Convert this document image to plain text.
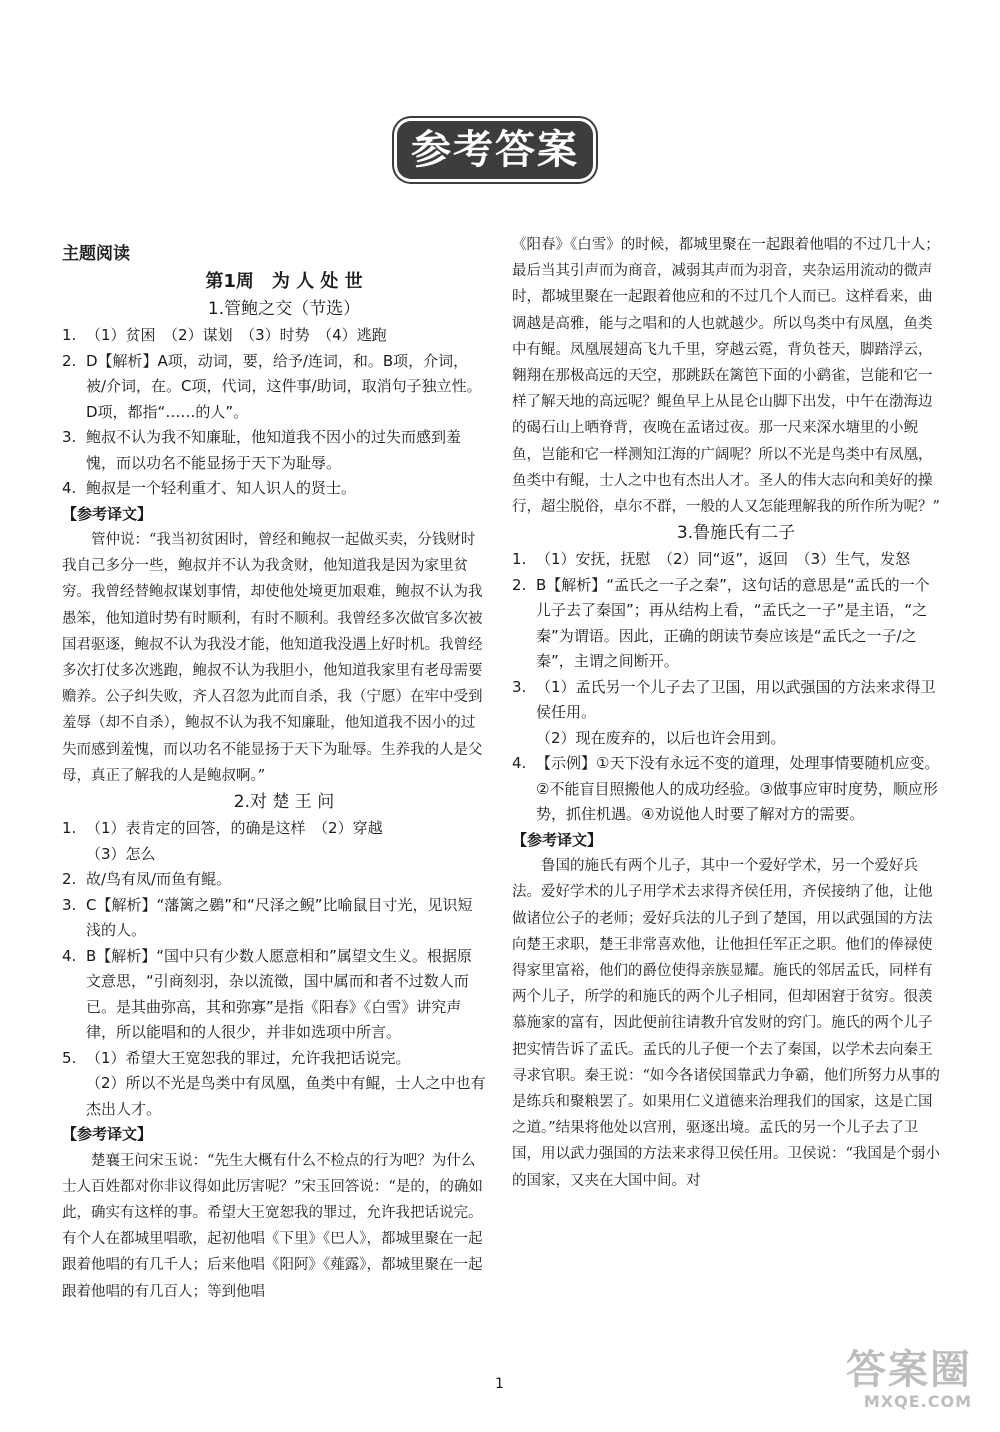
参考答案
主题阅读
第1周　为 人 处 世
1.管鲍之交（节选）
1. （1）贫困　（2）谋划　（3）时势　（4）逃跑
2. D【解析】A项，动词，要，给予/连词，和。B项，介词，被/介词，在。C项，代词，这件事/助词，取消句子独立性。D项，都指“……的人”。
3. 鲍叔不认为我不知廉耻，他知道我不因小的过失而感到羞愧，而以功名不能显扬于天下为耻辱。
4. 鲍叔是一个轻利重才、知人识人的贤士。
【参考译文】
管仲说：“我当初贫困时，曾经和鲍叔一起做买卖，分钱财时我自己多分一些，鲍叔并不认为我贪财，他知道我是因为家里贫穷。我曾经替鲍叔谋划事情，却使他处境更加艰难，鲍叔不认为我愚笨，他知道时势有时顺利，有时不顺利。我曾经多次做官多次被国君驱逐，鲍叔不认为我没才能，他知道我没遇上好时机。我曾经多次打仗多次逃跑，鲍叔不认为我胆小，他知道我家里有老母需要赡养。公子纠失败，齐人召忽为此而自杀，我（宁愿）在牢中受到羞辱（却不自杀），鲍叔不认为我不知廉耻，他知道我不因小的过失而感到羞愧，而以功名不能显扬于天下为耻辱。生养我的人是父母，真正了解我的人是鲍叔啊。”
2.对 楚 王 问
1. （1）表肯定的回答，的确是这样　（2）穿越
（3）怎么
2. 故/鸟有凤/而鱼有鲲。
3. C【解析】“藩篱之鷃”和“尺泽之鲵”比喻鼠目寸光，见识短浅的人。
4. B【解析】“国中只有少数人愿意相和”属望文生义。根据原文意思，“引商刻羽，杂以流徵，国中属而和者不过数人而已。是其曲弥高，其和弥寡”是指《阳春》《白雪》讲究声律，所以能唱和的人很少，并非如选项中所言。
5. （1）希望大王宽恕我的罪过，允许我把话说完。
（2）所以不光是鸟类中有凤凰，鱼类中有鲲，士人之中也有杰出人才。
【参考译文】
楚襄王问宋玉说：“先生大概有什么不检点的行为吧？为什么士人百姓都对你非议得如此厉害呢？”宋玉回答说：“是的，的确如此，确实有这样的事。希望大王宽恕我的罪过，允许我把话说完。有个人在都城里唱歌，起初他唱《下里》《巴人》，都城里聚在一起跟着他唱的有几千人；后来他唱《阳阿》《薤露》，都城里聚在一起跟着他唱的有几百人；等到他唱
《阳春》《白雪》的时候，都城里聚在一起跟着他唱的不过几十人；最后当其引声而为商音，减弱其声而为羽音，夹杂运用流动的微声时，都城里聚在一起跟着他应和的不过几个人而已。这样看来，曲调越是高雅，能与之唱和的人也就越少。所以鸟类中有凤凰，鱼类中有鲲。凤凰展翅高飞九千里，穿越云霓，背负苍天，脚踏浮云，翱翔在那极高远的天空，那跳跃在篱笆下面的小鹞雀，岂能和它一样了解天地的高远呢？鲲鱼早上从昆仑山脚下出发，中午在渤海边的碣石山上晒脊背，夜晚在孟诸过夜。那一尺来深水塘里的小鲵鱼，岂能和它一样测知江海的广阔呢？所以不光是鸟类中有凤凰，鱼类中有鲲，士人之中也有杰出人才。圣人的伟大志向和美好的操行，超尘脱俗，卓尔不群，一般的人又怎能理解我的所作所为呢？”
3.鲁施氏有二子
1. （1）安抚，抚慰　（2）同“返”，返回　（3）生气，发怒
2. B【解析】“孟氏之一子之秦”，这句话的意思是“孟氏的一个儿子去了秦国”；再从结构上看，“孟氏之一子”是主语，“之秦”为谓语。因此，正确的朗读节奏应该是“孟氏之一子/之秦”，主谓之间断开。
3. （1）孟氏另一个儿子去了卫国，用以武强国的方法来求得卫侯任用。
（2）现在废弃的，以后也许会用到。
4. 【示例】①天下没有永远不变的道理，处理事情要随机应变。②不能盲目照搬他人的成功经验。③做事应审时度势，顺应形势，抓住机遇。④劝说他人时要了解对方的需要。
【参考译文】
鲁国的施氏有两个儿子，其中一个爱好学术，另一个爱好兵法。爱好学术的儿子用学术去求得齐侯任用，齐侯接纳了他，让他做诸位公子的老师；爱好兵法的儿子到了楚国，用以武强国的方法向楚王求职，楚王非常喜欢他，让他担任军正之职。他们的俸禄使得家里富裕，他们的爵位使得亲族显耀。施氏的邻居孟氏，同样有两个儿子，所学的和施氏的两个儿子相同，但却困窘于贫穷。很羡慕施家的富有，因此便前往请教升官发财的窍门。施氏的两个儿子把实情告诉了孟氏。孟氏的儿子便一个去了秦国，以学术去向秦王寻求官职。秦王说：“如今各诸侯国靠武力争霸，他们所努力从事的是练兵和聚粮罢了。如果用仁义道德来治理我们的国家，这是亡国之道。”结果将他处以宫刑，驱逐出境。孟氏的另一个儿子去了卫国，用以武力强国的方法来求得卫侯任用。卫侯说：“我国是个弱小的国家，又夹在大国中间。对
1	答案圈
MXQE.COM
